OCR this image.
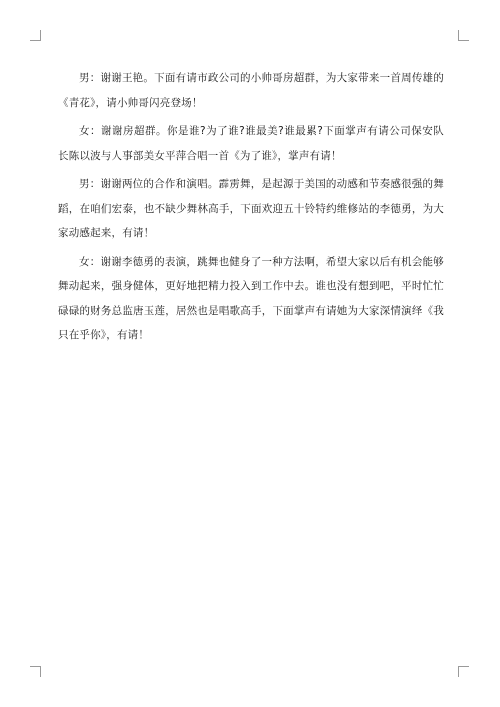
男：谢谢王艳。下面有请市政公司的小帅哥房超群，为大家带来一首周传雄的《青花》，请小帅哥闪亮登场！

女：谢谢房超群。你是谁?为了谁?谁最美?谁最累?下面掌声有请公司保安队长陈以波与人事部美女平萍合唱一首《为了谁》，掌声有请！

男：谢谢两位的合作和演唱。霹雳舞，是起源于美国的动感和节奏感很强的舞蹈，在咱们宏泰，也不缺少舞林高手，下面欢迎五十铃特约维修站的李德勇，为大家动感起来，有请！

女：谢谢李德勇的表演，跳舞也健身了一种方法啊，希望大家以后有机会能够舞动起来，强身健体，更好地把精力投入到工作中去。谁也没有想到吧，平时忙忙碌碌的财务总监唐玉莲，居然也是唱歌高手，下面掌声有请她为大家深情演绎《我只在乎你》，有请！
